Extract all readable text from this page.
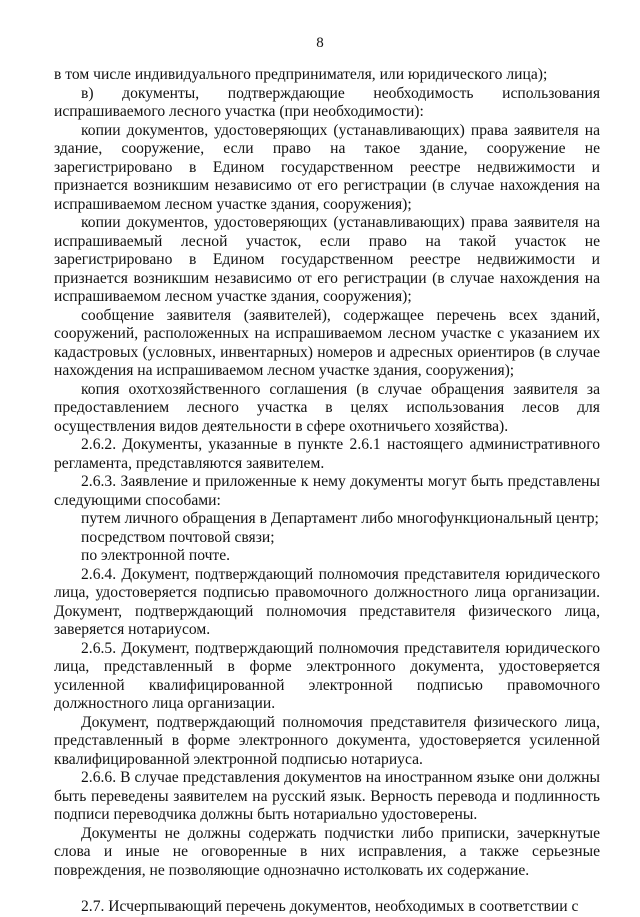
8

в том числе индивидуального предпринимателя, или юридического лица);

в) документы, подтверждающие необходимость использования испрашиваемого лесного участка (при необходимости):

копии документов, удостоверяющих (устанавливающих) права заявителя на здание, сооружение, если право на такое здание, сооружение не зарегистрировано в Едином государственном реестре недвижимости и признается возникшим независимо от его регистрации (в случае нахождения на испрашиваемом лесном участке здания, сооружения);

копии документов, удостоверяющих (устанавливающих) права заявителя на испрашиваемый лесной участок, если право на такой участок не зарегистрировано в Едином государственном реестре недвижимости и признается возникшим независимо от его регистрации (в случае нахождения на испрашиваемом лесном участке здания, сооружения);

сообщение заявителя (заявителей), содержащее перечень всех зданий, сооружений, расположенных на испрашиваемом лесном участке с указанием их кадастровых (условных, инвентарных) номеров и адресных ориентиров (в случае нахождения на испрашиваемом лесном участке здания, сооружения);

копия охотхозяйственного соглашения (в случае обращения заявителя за предоставлением лесного участка в целях использования лесов для осуществления видов деятельности в сфере охотничьего хозяйства).

2.6.2. Документы, указанные в пункте 2.6.1 настоящего административного регламента, представляются заявителем.

2.6.3. Заявление и приложенные к нему документы могут быть представлены следующими способами:

путем личного обращения в Департамент либо многофункциональный центр;

посредством почтовой связи;

по электронной почте.

2.6.4. Документ, подтверждающий полномочия представителя юридического лица, удостоверяется подписью правомочного должностного лица организации. Документ, подтверждающий полномочия представителя физического лица, заверяется нотариусом.

2.6.5. Документ, подтверждающий полномочия представителя юридического лица, представленный в форме электронного документа, удостоверяется усиленной квалифицированной электронной подписью правомочного должностного лица организации.

Документ, подтверждающий полномочия представителя физического лица, представленный в форме электронного документа, удостоверяется усиленной квалифицированной электронной подписью нотариуса.

2.6.6. В случае представления документов на иностранном языке они должны быть переведены заявителем на русский язык. Верность перевода и подлинность подписи переводчика должны быть нотариально удостоверены.

Документы не должны содержать подчистки либо приписки, зачеркнутые слова и иные не оговоренные в них исправления, а также серьезные повреждения, не позволяющие однозначно истолковать их содержание.

2.7. Исчерпывающий перечень документов, необходимых в соответствии с
